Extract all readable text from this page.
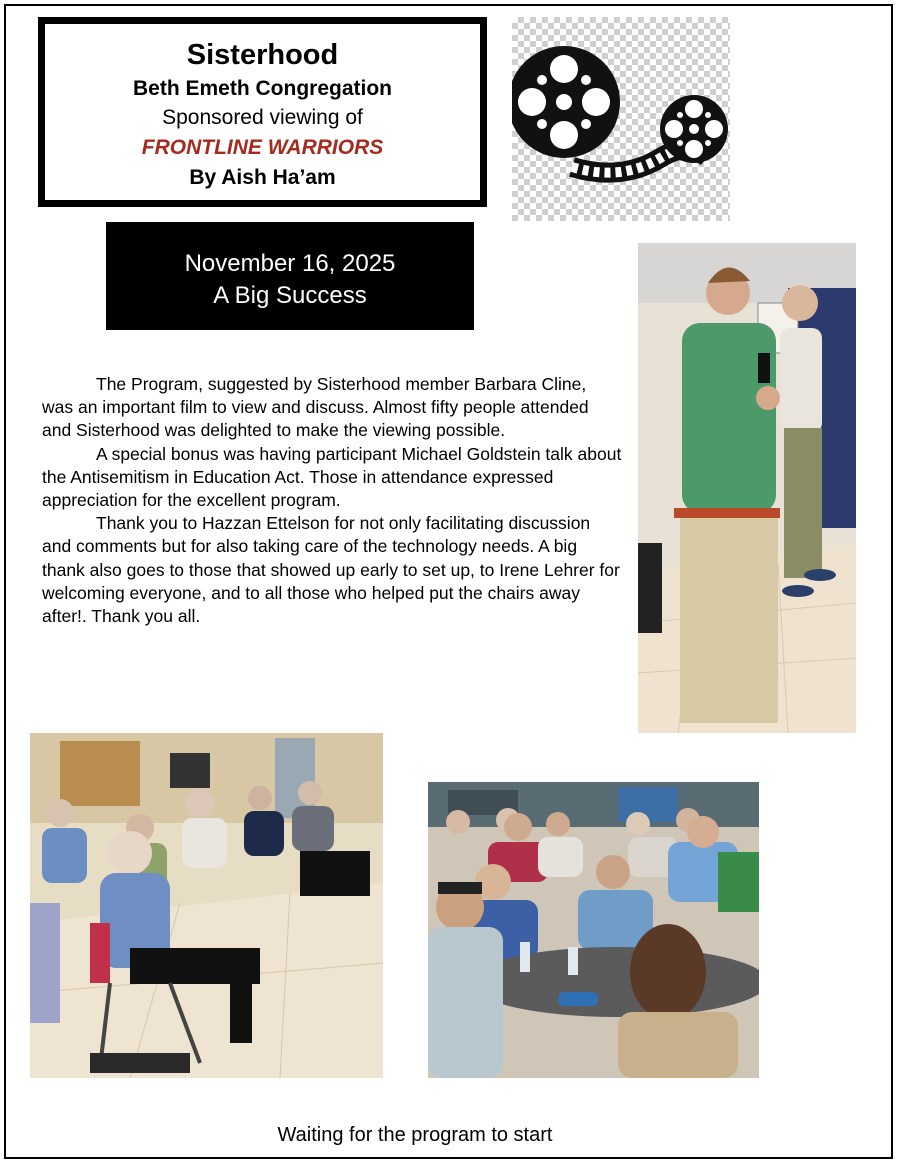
Sisterhood
Beth Emeth Congregation
Sponsored viewing of
FRONTLINE WARRIORS
By Aish Ha’am
November 16, 2025
A Big Success

The Program, suggested by Sisterhood member Barbara Cline, was an important film to view and discuss. Almost fifty people attended and Sisterhood was delighted to make the viewing possible.

A special bonus was having participant Michael Goldstein talk about the Antisemitism in Education Act. Those in attendance expressed appreciation for the excellent program.

Thank you to Hazzan Ettelson for not only facilitating discussion and comments but for also taking care of the technology needs. A big thank also goes to those that showed up early to set up, to Irene Lehrer for welcoming everyone, and to all those who helped put the chairs away after!. Thank you all.

Waiting for the program to start
